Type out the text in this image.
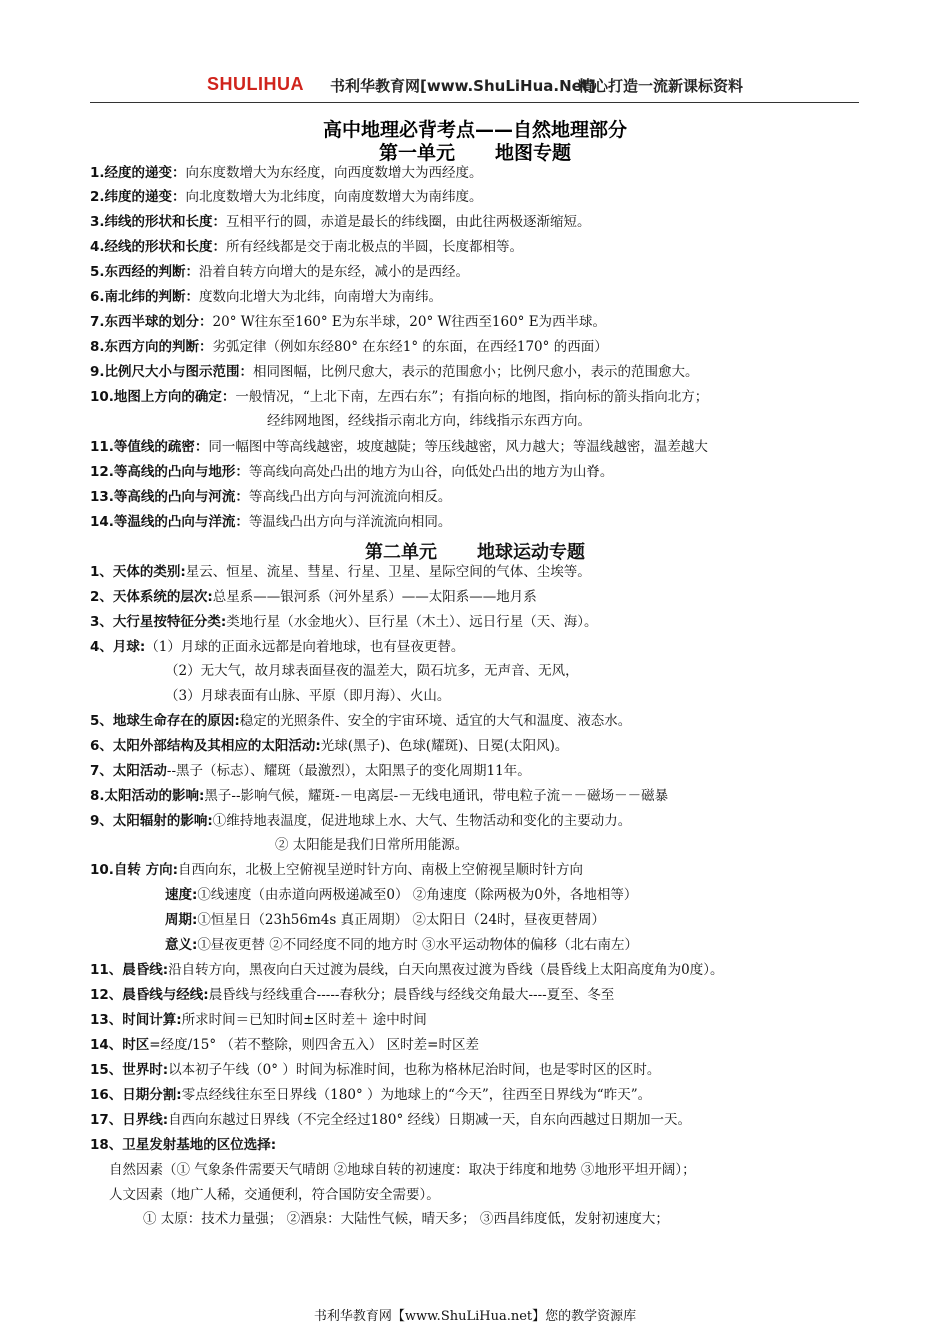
SHULIHUA 书利华教育网[www.ShuLiHua.Net]
精心打造一流新课标资料
高中地理必背考点——自然地理部分
第一单元 地图专题
1.经度的递变：向东度数增大为东经度，向西度数增大为西经度。
2.纬度的递变：向北度数增大为北纬度，向南度数增大为南纬度。
3.纬线的形状和长度：互相平行的圆，赤道是最长的纬线圈，由此往两极逐渐缩短。
4.经线的形状和长度：所有经线都是交于南北极点的半圆，长度都相等。
5.东西经的判断：沿着自转方向增大的是东经，减小的是西经。
6.南北纬的判断：度数向北增大为北纬，向南增大为南纬。
7.东西半球的划分：20° W往东至160° E为东半球，20° W往西至160° E为西半球。
8.东西方向的判断：劣弧定律（例如东经80° 在东经1° 的东面，在西经170° 的西面）
9.比例尺大小与图示范围：相同图幅，比例尺愈大，表示的范围愈小；比例尺愈小，表示的范围愈大。
10.地图上方向的确定：一般情况，“上北下南，左西右东”；有指向标的地图，指向标的箭头指向北方；
经纬网地图，经线指示南北方向，纬线指示东西方向。
11.等值线的疏密：同一幅图中等高线越密，坡度越陡；等压线越密，风力越大；等温线越密，温差越大
12.等高线的凸向与地形：等高线向高处凸出的地方为山谷，向低处凸出的地方为山脊。
13.等高线的凸向与河流：等高线凸出方向与河流流向相反。
14.等温线的凸向与洋流：等温线凸出方向与洋流流向相同。
第二单元 地球运动专题
1、天体的类别:星云、恒星、流星、彗星、行星、卫星、星际空间的气体、尘埃等。
2、天体系统的层次:总星系——银河系（河外星系）——太阳系——地月系
3、大行星按特征分类:类地行星（水金地火）、巨行星（木土）、远日行星（天、海）。
4、月球:（1）月球的正面永远都是向着地球，也有昼夜更替。
（2）无大气，故月球表面昼夜的温差大，陨石坑多，无声音、无风，
（3）月球表面有山脉、平原（即月海）、火山。
5、地球生命存在的原因:稳定的光照条件、安全的宇宙环境、适宜的大气和温度、液态水。
6、太阳外部结构及其相应的太阳活动:光球(黑子)、色球(耀斑)、日冕(太阳风)。
7、太阳活动--黑子（标志）、耀斑（最激烈），太阳黑子的变化周期11年。
8.太阳活动的影响:黑子--影响气候，耀斑-－电离层-－无线电通讯，带电粒子流－－磁场－－磁暴
9、太阳辐射的影响:①维持地表温度，促进地球上水、大气、生物活动和变化的主要动力。
② 太阳能是我们日常所用能源。
10.自转 方向:自西向东，北极上空俯视呈逆时针方向、南极上空俯视呈顺时针方向
速度:①线速度（由赤道向两极递减至0） ②角速度（除两极为0外，各地相等）
周期:①恒星日（23h56m4s 真正周期） ②太阳日（24时，昼夜更替周）
意义:①昼夜更替 ②不同经度不同的地方时 ③水平运动物体的偏移（北右南左）
11、晨昏线:沿自转方向，黑夜向白天过渡为晨线，白天向黑夜过渡为昏线（晨昏线上太阳高度角为0度）。
12、晨昏线与经线:晨昏线与经线重合-----春秋分；晨昏线与经线交角最大----夏至、冬至
13、时间计算:所求时间＝已知时间±区时差＋ 途中时间
14、时区=经度/15° （若不整除，则四舍五入） 区时差=时区差
15、世界时:以本初子午线（0° ）时间为标准时间，也称为格林尼治时间，也是零时区的区时。
16、日期分割:零点经线往东至日界线（180° ）为地球上的“今天”，往西至日界线为“昨天”。
17、日界线:自西向东越过日界线（不完全经过180° 经线）日期减一天，自东向西越过日期加一天。
18、卫星发射基地的区位选择:
自然因素（① 气象条件需要天气晴朗 ②地球自转的初速度：取决于纬度和地势 ③地形平坦开阔）；
人文因素（地广人稀，交通便利，符合国防安全需要）。
① 太原：技术力量强； ②酒泉：大陆性气候，晴天多； ③西昌纬度低，发射初速度大；
书利华教育网【www.ShuLiHua.net】您的教学资源库
